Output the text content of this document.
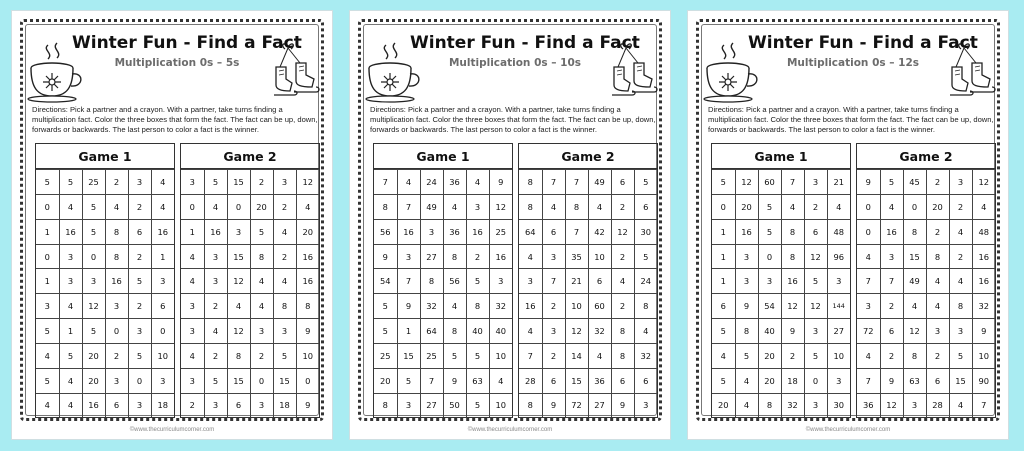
Winter Fun - Find a Fact
Multiplication 0s – 5s
Directions: Pick a partner and a crayon. With a partner, take turns finding a multiplication fact. Color the three boxes that form the fact. The fact can be up, down, forwards or backwards. The last person to color a fact is the winner.
Game 1
5	5	25	2	3	4
0	4	5	4	2	4
1	16	5	8	6	16
0	3	0	8	2	1
1	3	3	16	5	3
3	4	12	3	2	6
5	1	5	0	3	0
4	5	20	2	5	10
5	4	20	3	0	3
4	4	16	6	3	18
Game 2
3	5	15	2	3	12
0	4	0	20	2	4
1	16	3	5	4	20
4	3	15	8	2	16
4	3	12	4	4	16
3	2	4	4	8	8
3	4	12	3	3	9
4	2	8	2	5	10
3	5	15	0	15	0
2	3	6	3	18	9
©www.thecurriculumcorner.com
Winter Fun - Find a Fact
Multiplication 0s – 10s
Directions: Pick a partner and a crayon. With a partner, take turns finding a multiplication fact. Color the three boxes that form the fact. The fact can be up, down, forwards or backwards. The last person to color a fact is the winner.
Game 1
7	4	24	36	4	9
8	7	49	4	3	12
56	16	3	36	16	25
9	3	27	8	2	16
54	7	8	56	5	3
5	9	32	4	8	32
5	1	64	8	40	40
25	15	25	5	5	10
20	5	7	9	63	4
8	3	27	50	5	10
Game 2
8	7	7	49	6	5
8	4	8	4	2	6
64	6	7	42	12	30
4	3	35	10	2	5
3	7	21	6	4	24
16	2	10	60	2	8
4	3	12	32	8	4
7	2	14	4	8	32
28	6	15	36	6	6
8	9	72	27	9	3
©www.thecurriculumcorner.com
Winter Fun - Find a Fact
Multiplication 0s – 12s
Directions: Pick a partner and a crayon. With a partner, take turns finding a multiplication fact. Color the three boxes that form the fact. The fact can be up, down, forwards or backwards. The last person to color a fact is the winner.
Game 1
5	12	60	7	3	21
0	20	5	4	2	4
1	16	5	8	6	48
1	3	0	8	12	96
1	3	3	16	5	3
6	9	54	12	12	144
5	8	40	9	3	27
4	5	20	2	5	10
5	4	20	18	0	3
20	4	8	32	3	30
Game 2
9	5	45	2	3	12
0	4	0	20	2	4
0	16	8	2	4	48
4	3	15	8	2	16
7	7	49	4	4	16
3	2	4	4	8	32
72	6	12	3	3	9
4	2	8	2	5	10
7	9	63	6	15	90
36	12	3	28	4	7
©www.thecurriculumcorner.com
